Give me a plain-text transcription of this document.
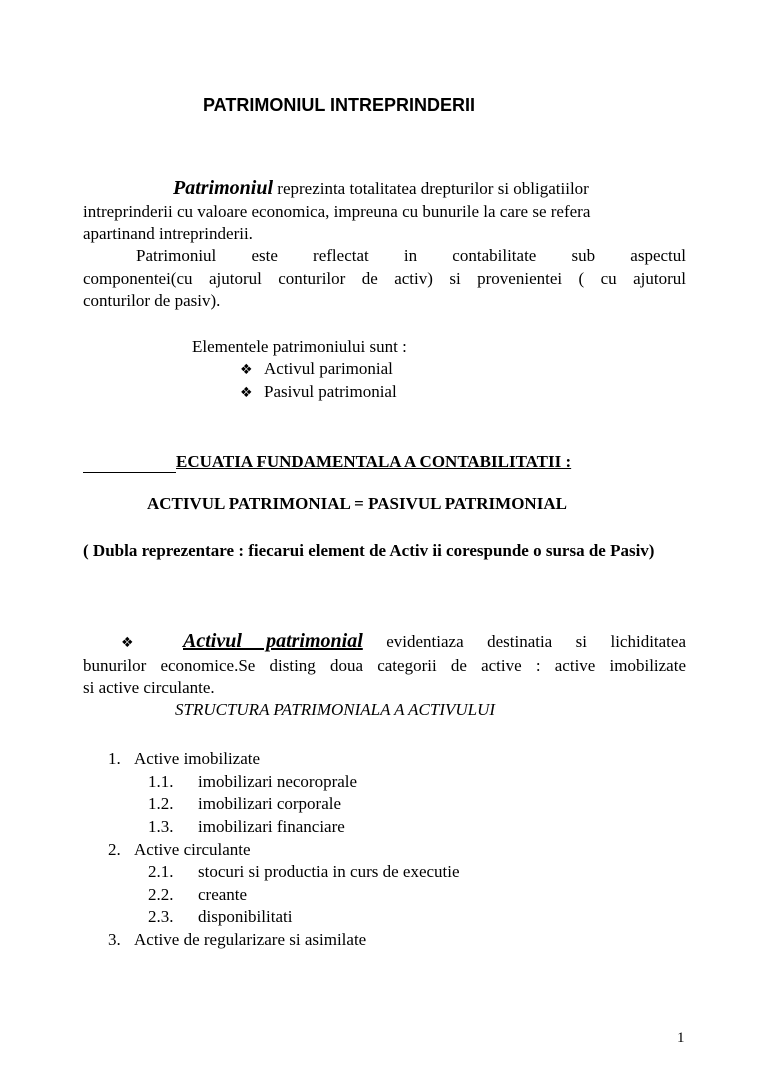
PATRIMONIUL INTREPRINDERII
Patrimoniul reprezinta totalitatea drepturilor si obligatiilor
intreprinderii cu valoare economica, impreuna cu bunurile la care se refera
apartinand intreprinderii.
Patrimoniul este reflectat in contabilitate sub aspectul
componentei(cu ajutorul conturilor de activ) si provenientei ( cu ajutorul
conturilor de pasiv).
Elementele patrimoniului sunt :
❖ Activul parimonial
❖ Pasivul patrimonial
ECUATIA FUNDAMENTALA A CONTABILITATII :
ACTIVUL PATRIMONIAL = PASIVUL PATRIMONIAL
( Dubla reprezentare : fiecarui element de Activ ii corespunde o sursa de Pasiv)
❖ Activul patrimonial evidentiaza destinatia si lichiditatea
bunurilor economice.Se disting doua categorii de active : active imobilizate
si active circulante.
STRUCTURA PATRIMONIALA A ACTIVULUI
1. Active imobilizate
1.1. imobilizari necoroprale
1.2. imobilizari corporale
1.3. imobilizari financiare
2. Active circulante
2.1. stocuri si productia in curs de executie
2.2. creante
2.3. disponibilitati
3. Active de regularizare si asimilate
1
